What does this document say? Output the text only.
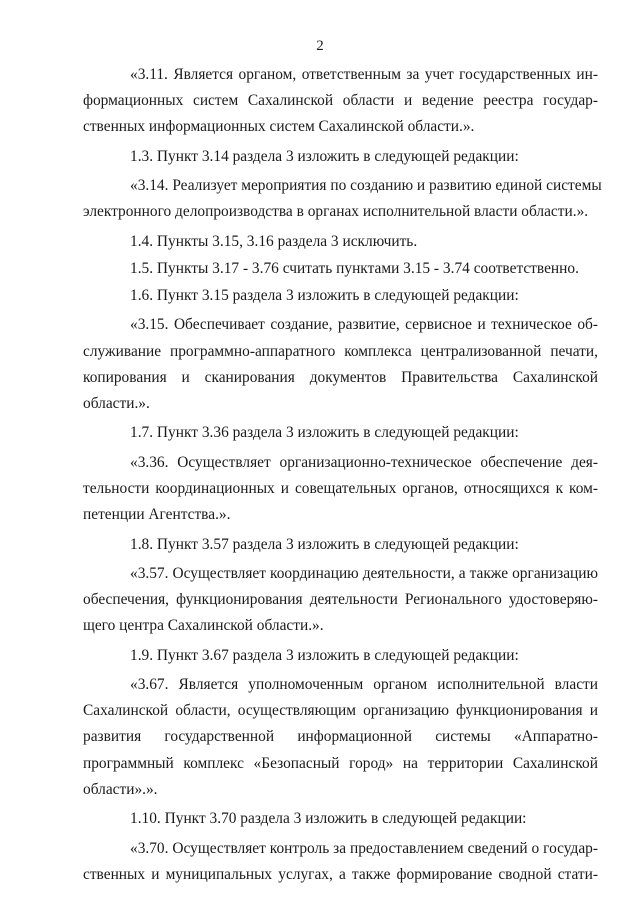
2
«3.11. Является органом, ответственным за учет государственных ин-
формационных систем Сахалинской области и ведение реестра государ-
ственных информационных систем Сахалинской области.».
1.3. Пункт 3.14 раздела 3 изложить в следующей редакции:
«3.14. Реализует мероприятия по созданию и развитию единой системы
электронного делопроизводства в органах исполнительной власти области.».
1.4. Пункты 3.15, 3.16 раздела 3 исключить.
1.5. Пункты 3.17 - 3.76 считать пунктами 3.15 - 3.74 соответственно.
1.6. Пункт 3.15 раздела 3 изложить в следующей редакции:
«3.15. Обеспечивает создание, развитие, сервисное и техническое об-
служивание программно-аппаратного комплекса централизованной печати,
копирования и сканирования документов Правительства Сахалинской
области.».
1.7. Пункт 3.36 раздела 3 изложить в следующей редакции:
«3.36. Осуществляет организационно-техническое обеспечение дея-
тельности координационных и совещательных органов, относящихся к ком-
петенции Агентства.».
1.8. Пункт 3.57 раздела 3 изложить в следующей редакции:
«3.57. Осуществляет координацию деятельности, а также организацию
обеспечения, функционирования деятельности Регионального удостоверяю-
щего центра Сахалинской области.».
1.9. Пункт 3.67 раздела 3 изложить в следующей редакции:
«3.67. Является уполномоченным органом исполнительной власти
Сахалинской области, осуществляющим организацию функционирования и
развития государственной информационной системы «Аппаратно-
программный комплекс «Безопасный город» на территории Сахалинской
области».».
1.10. Пункт 3.70 раздела 3 изложить в следующей редакции:
«3.70. Осуществляет контроль за предоставлением сведений о государ-
ственных и муниципальных услугах, а также формирование сводной стати-
